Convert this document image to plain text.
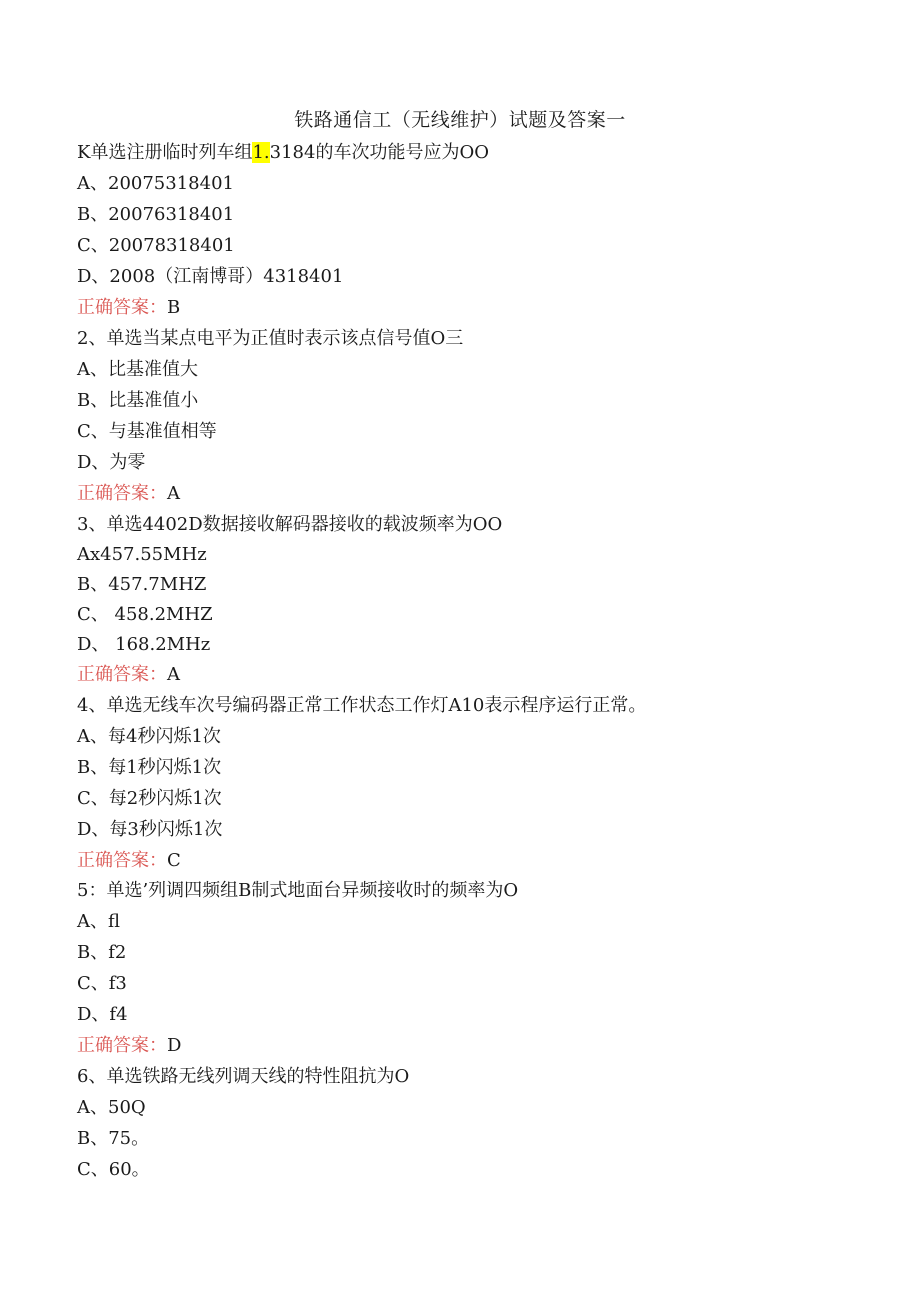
铁路通信工（无线维护）试题及答案一
K单选注册临时列车组1.3184的车次功能号应为OO
A、20075318401
B、20076318401
C、20078318401
D、2008（江南博哥）4318401
正确答案：B
2、单选当某点电平为正值时表示该点信号值O三
A、比基准值大
B、比基准值小
C、与基准值相等
D、为零
正确答案：A
3、单选4402D数据接收解码器接收的载波频率为OO
Ax457.55MHz
B、457.7MHZ
C、 458.2MHZ
D、 168.2MHz
正确答案：A
4、单选无线车次号编码器正常工作状态工作灯A10表示程序运行正常。
A、每4秒闪烁1次
B、每1秒闪烁1次
C、每2秒闪烁1次
D、每3秒闪烁1次
正确答案：C
5：单选’列调四频组B制式地面台异频接收时的频率为O
A、fl
B、f2
C、f3
D、f4
正确答案：D
6、单选铁路无线列调天线的特性阻抗为O
A、50Q
B、75。
C、60。
